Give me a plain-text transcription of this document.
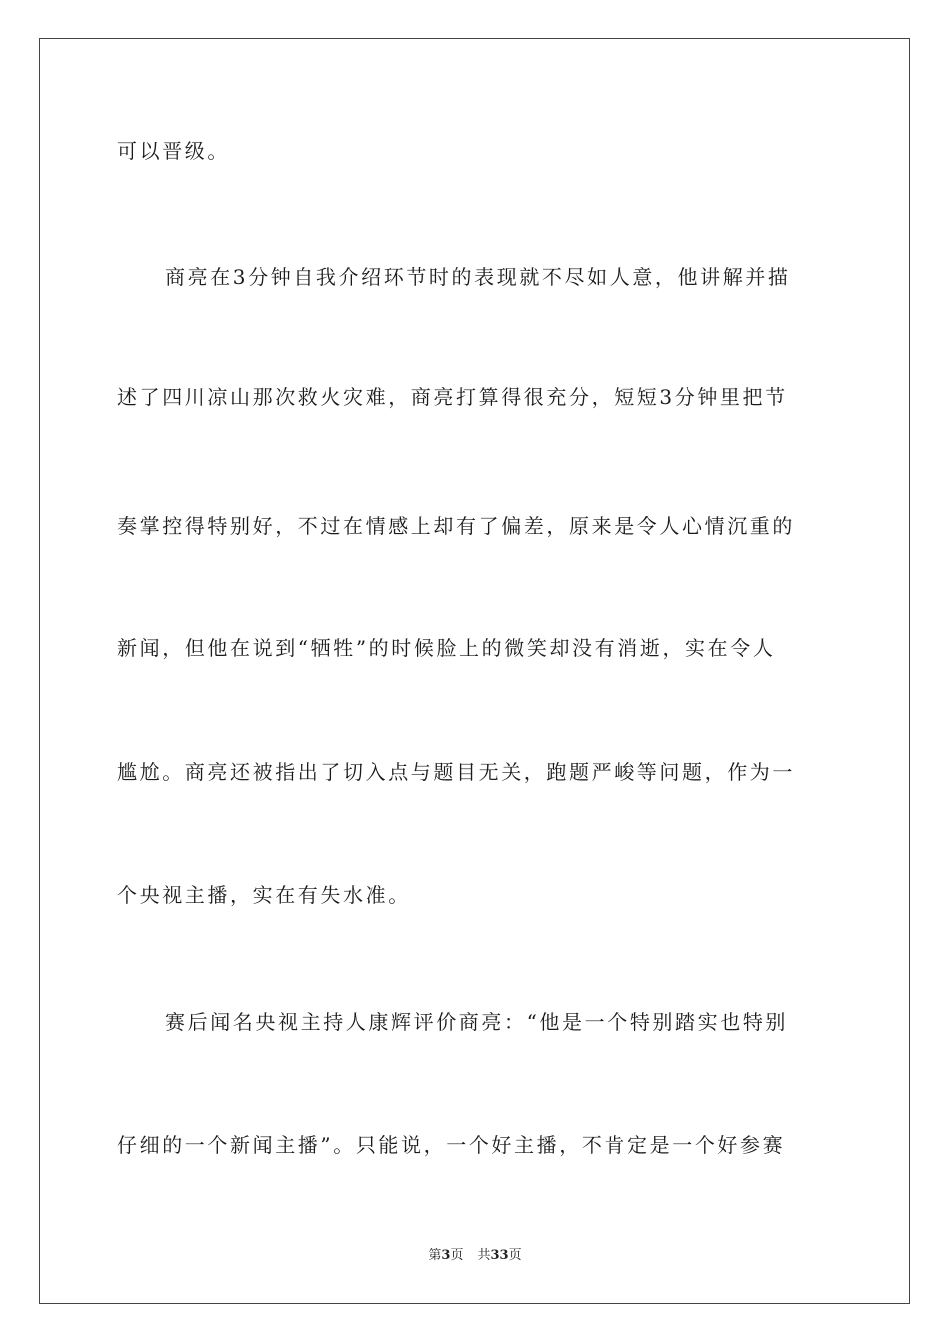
可以晋级。
商亮在3分钟自我介绍环节时的表现就不尽如人意，他讲解并描
述了四川凉山那次救火灾难，商亮打算得很充分，短短3分钟里把节
奏掌控得特别好，不过在情感上却有了偏差，原来是令人心情沉重的
新闻，但他在说到“牺牲”的时候脸上的微笑却没有消逝，实在令人
尴尬。商亮还被指出了切入点与题目无关，跑题严峻等问题，作为一
个央视主播，实在有失水准。
赛后闻名央视主持人康辉评价商亮：“他是一个特别踏实也特别
仔细的一个新闻主播”。只能说，一个好主播，不肯定是一个好参赛
第3页 共33页
